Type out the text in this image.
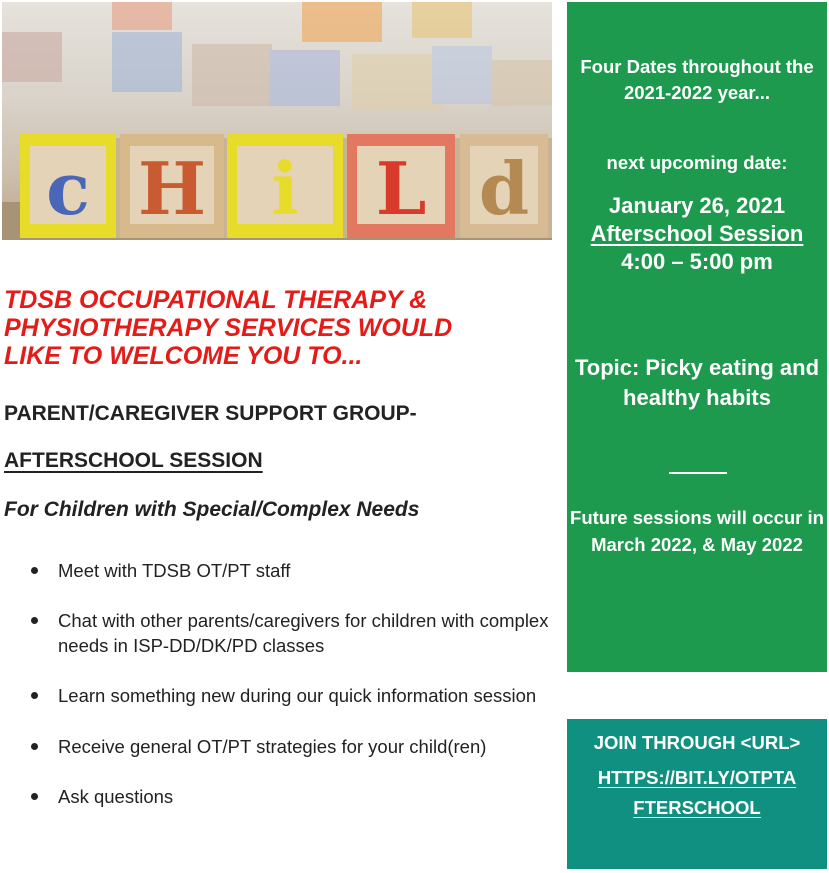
c H i L d
TDSB OCCUPATIONAL THERAPY &
PHYSIOTHERAPY SERVICES WOULD
LIKE TO WELCOME YOU TO...
PARENT/CAREGIVER SUPPORT GROUP-
AFTERSCHOOL SESSION

For Children with Special/Complex Needs

Meet with TDSB OT/PT staff
Chat with other parents/caregivers for children with complex needs in ISP-DD/DK/PD classes
Learn something new during our quick information session
Receive general OT/PT strategies for your child(ren)
Ask questions

Four Dates throughout the 2021-2022 year...

next upcoming date:

January 26, 2021
Afterschool Session
4:00 – 5:00 pm

Topic: Picky eating and healthy habits

Future sessions will occur in March 2022, & May 2022

JOIN THROUGH <URL>

HTTPS://BIT.LY/OTPTA
FTERSCHOOL
